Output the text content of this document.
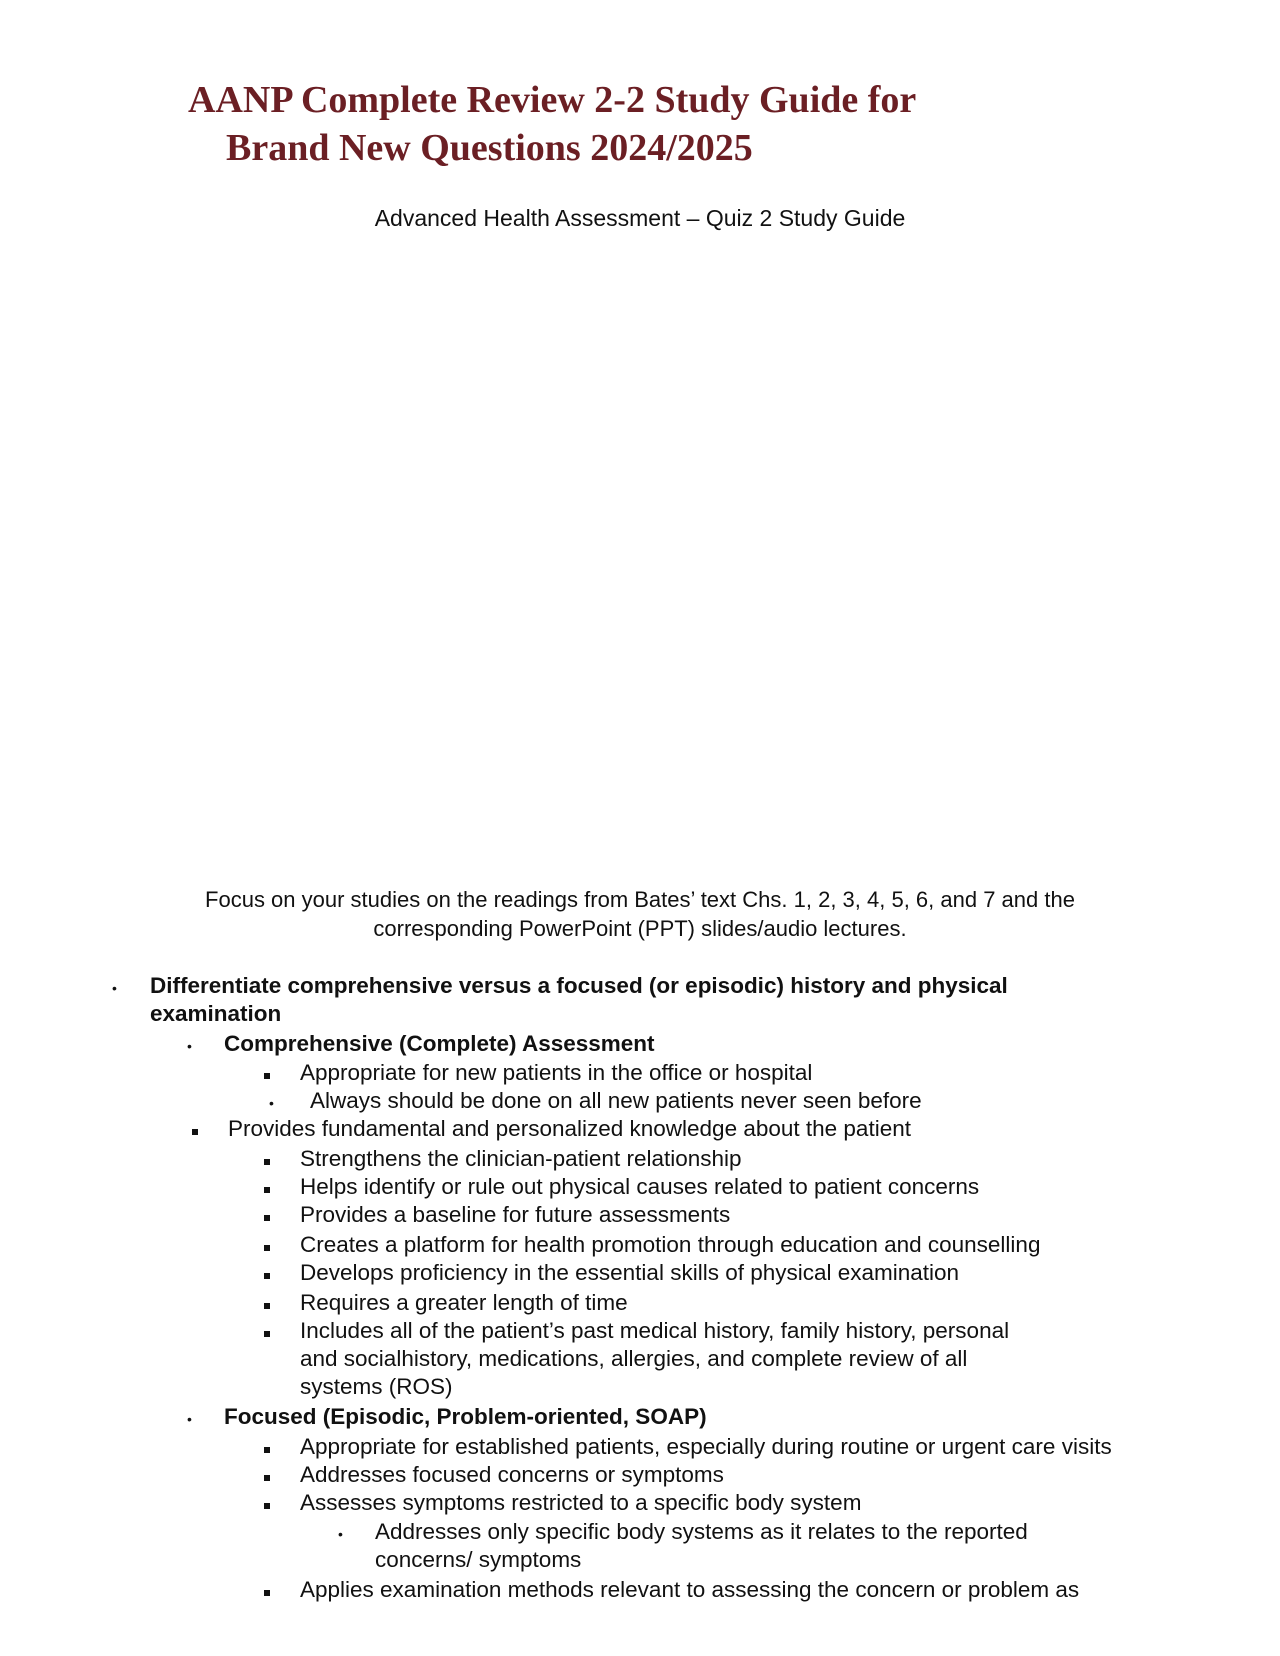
AANP Complete Review 2-2 Study Guide for
Brand New Questions 2024/2025
Advanced Health Assessment – Quiz 2 Study Guide
Focus on your studies on the readings from Bates’ text Chs. 1, 2, 3, 4, 5, 6, and 7 and the
corresponding PowerPoint (PPT) slides/audio lectures.
• Differentiate comprehensive versus a focused (or episodic) history and physical
examination
• Comprehensive (Complete) Assessment
Appropriate for new patients in the office or hospital
• Always should be done on all new patients never seen before
Provides fundamental and personalized knowledge about the patient
Strengthens the clinician-patient relationship
Helps identify or rule out physical causes related to patient concerns
Provides a baseline for future assessments
Creates a platform for health promotion through education and counselling
Develops proficiency in the essential skills of physical examination
Requires a greater length of time
Includes all of the patient’s past medical history, family history, personal
and socialhistory, medications, allergies, and complete review of all
systems (ROS)
• Focused (Episodic, Problem-oriented, SOAP)
Appropriate for established patients, especially during routine or urgent care visits
Addresses focused concerns or symptoms
Assesses symptoms restricted to a specific body system
• Addresses only specific body systems as it relates to the reported
concerns/ symptoms
Applies examination methods relevant to assessing the concern or problem as
